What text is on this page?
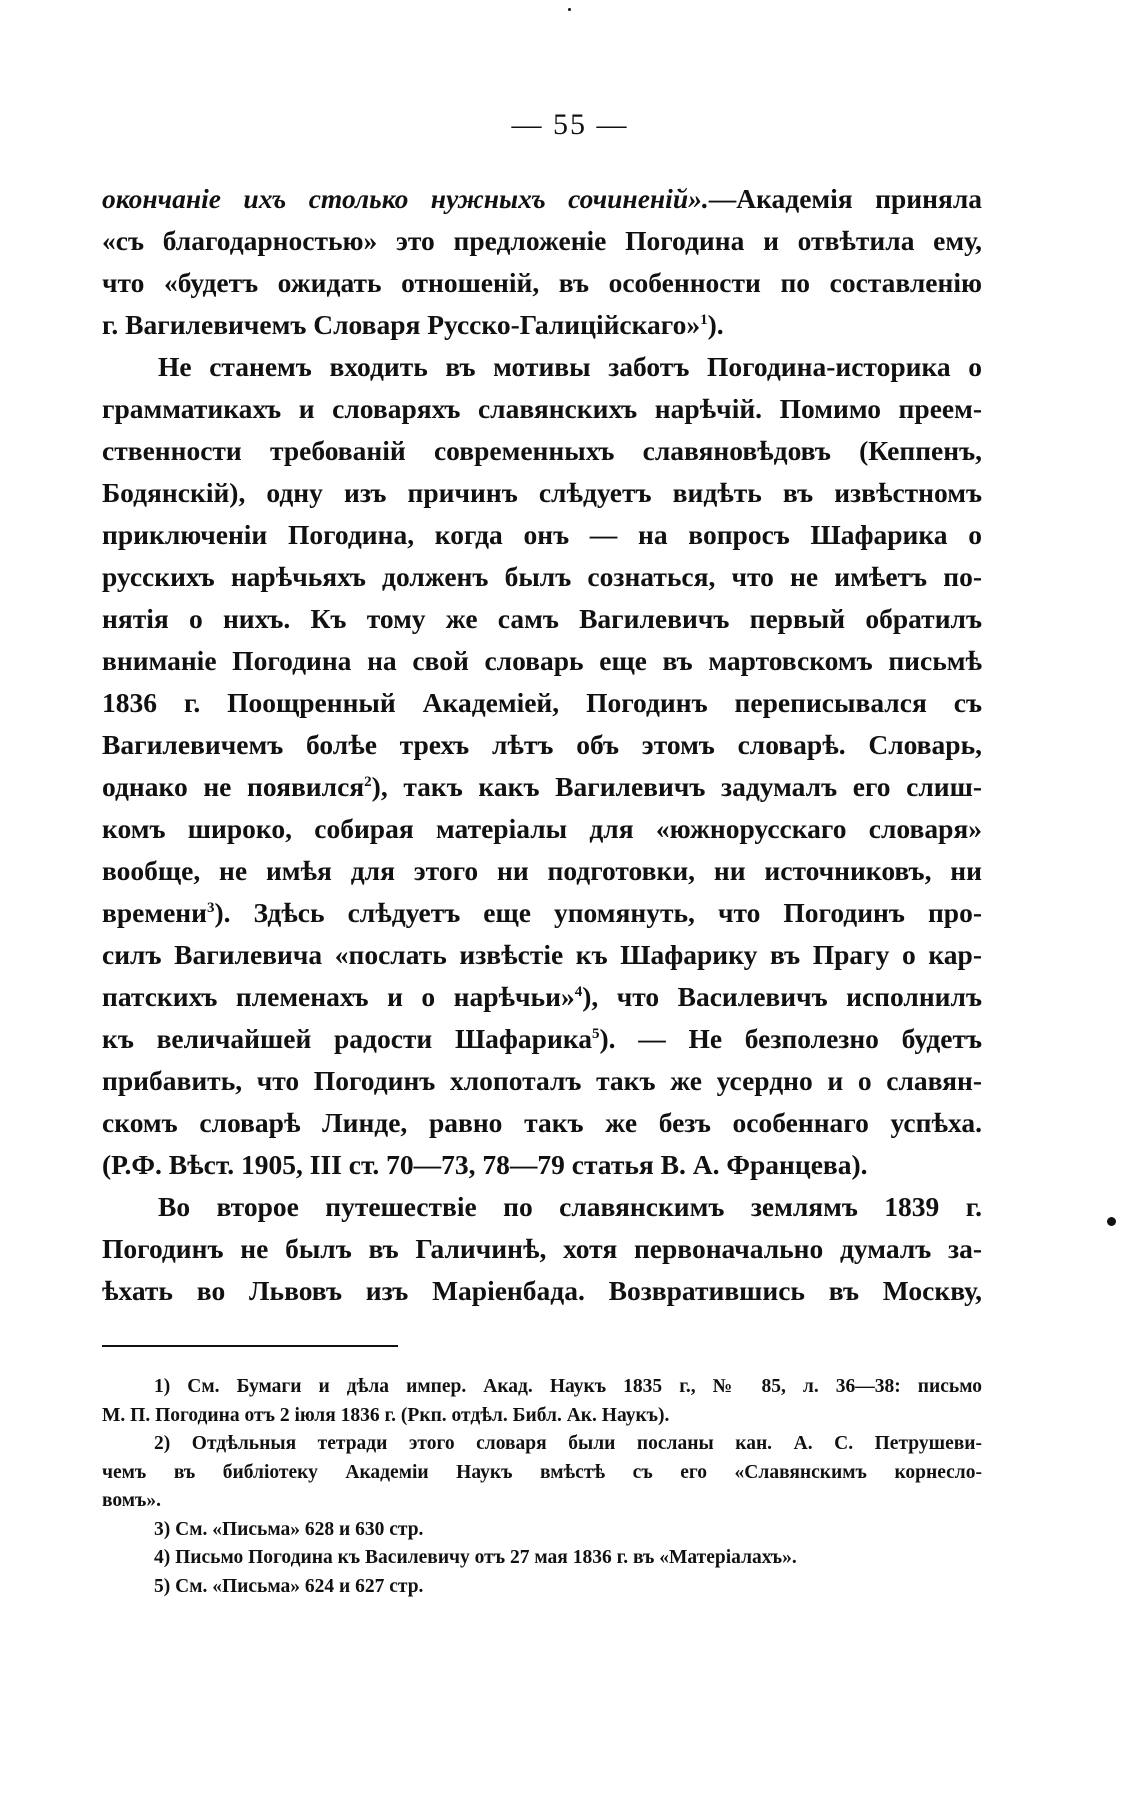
— 55 —
окончаніе ихъ столько нужныхъ сочиненій».—Академія приняла
«съ благодарностью» это предложеніе Погодина и отвѣтила ему,
что «будетъ ожидать отношеній, въ особенности по составленію
г. Вагилевичемъ Словаря Русско-Галиційскаго»$^1$).
Не станемъ входить въ мотивы заботъ Погодина-историка о
грамматикахъ и словаряхъ славянскихъ нарѣчій. Помимо преем-
ственности требованій современныхъ славяновѣдовъ (Кеппенъ,
Бодянскій), одну изъ причинъ слѣдуетъ видѣть въ извѣстномъ
приключеніи Погодина, когда онъ — на вопросъ Шафарика о
русскихъ нарѣчьяхъ долженъ былъ сознаться, что не имѣетъ по-
нятія о нихъ. Къ тому же самъ Вагилевичъ первый обратилъ
вниманіе Погодина на свой словарь еще въ мартовскомъ письмѣ
1836 г. Поощренный Академіей, Погодинъ переписывался съ
Вагилевичемъ болѣе трехъ лѣтъ объ этомъ словарѣ. Словарь,
однако не появился$^2$), такъ какъ Вагилевичъ задумалъ его слиш-
комъ широко, собирая матеріалы для «южнорусскаго словаря»
вообще, не имѣя для этого ни подготовки, ни источниковъ, ни
времени$^3$). Здѣсь слѣдуетъ еще упомянуть, что Погодинъ про-
силъ Вагилевича «послать извѣстіе къ Шафарику въ Прагу о кар-
патскихъ племенахъ и о нарѣчьи»$^4$), что Василевичъ исполнилъ
къ величайшей радости Шафарика$^5$). — Не безполезно будетъ
прибавить, что Погодинъ хлопоталъ такъ же усердно и о славян-
скомъ словарѣ Линде, равно такъ же безъ особеннаго успѣха.
(Р.Ф. Вѣст. 1905, III ст. 70—73, 78—79 статья В. А. Францева).
Во второе путешествіе по славянскимъ землямъ 1839 г.
Погодинъ не былъ въ Галичинѣ, хотя первоначально думалъ за-
ѣхать во Львовъ изъ Маріенбада. Возвратившись въ Москву,
1) См. Бумаги и дѣла импер. Акад. Наукъ 1835 г., № 85, л. 36—38: письмо
М. П. Погодина отъ 2 іюля 1836 г. (Ркп. отдѣл. Библ. Ак. Наукъ).
2) Отдѣльныя тетради этого словаря были посланы кан. А. С. Петрушеви-
чемъ въ библіотеку Академіи Наукъ вмѣстѣ съ его «Славянскимъ корнесло-
вомъ».
3) См. «Письма» 628 и 630 стр.
4) Письмо Погодина къ Василевичу отъ 27 мая 1836 г. въ «Матеріалахъ».
5) См. «Письма» 624 и 627 стр.
